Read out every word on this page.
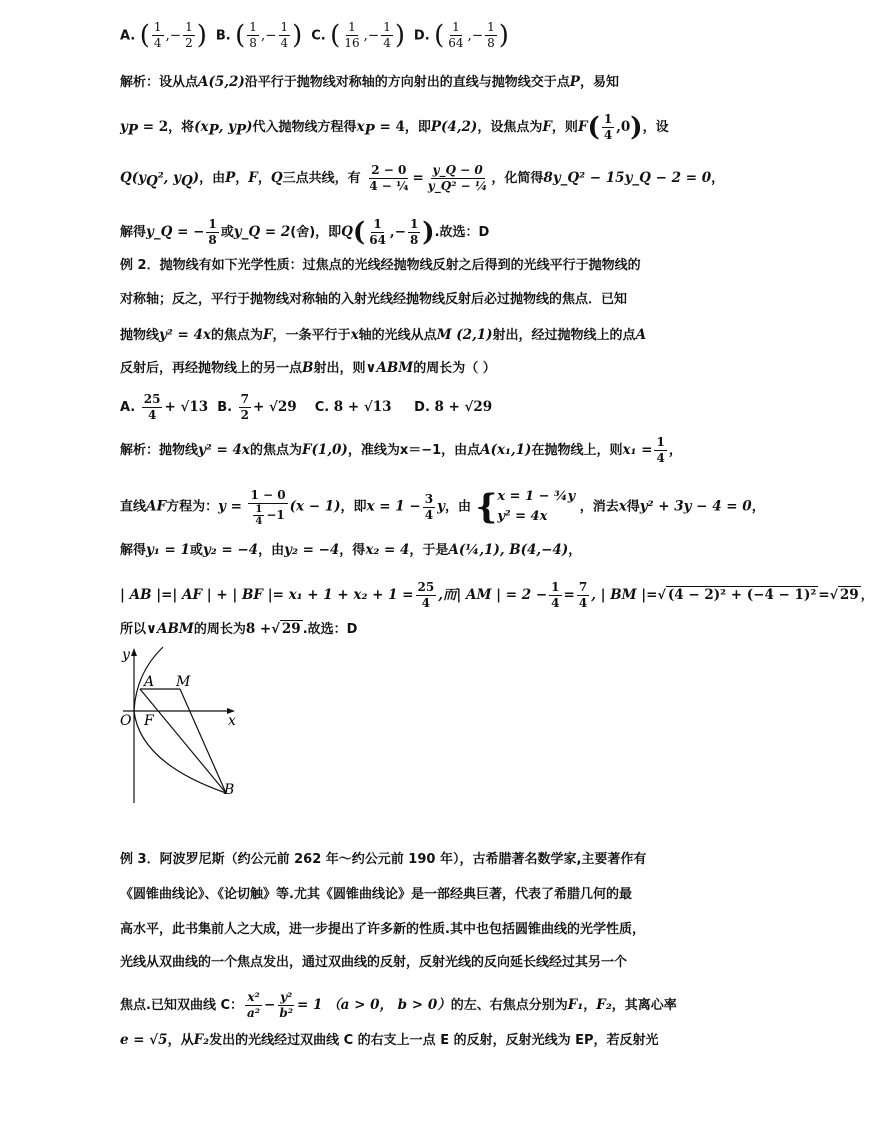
A. ( $\frac{1}{4}$ ,− $\frac{1}{2}$ ) B. ( $\frac{1}{8}$ ,− $\frac{1}{4}$ ) C. ( $\frac{1}{16}$ ,− $\frac{1}{4}$ ) D. ( $\frac{1}{64}$ ,− $\frac{1}{8}$ )
解析：设从点A(5,2)沿平行于抛物线对称轴的方向射出的直线与抛物线交于点P，易知
$y_P = 2$，将($x_P$, $y_P$)代入抛物线方程得$x_P = 4$，即P(4,2)，设焦点为F，则$F( \frac{1}{4} ,0)$，设
$Q(y_Q^2$, $y_Q$)，由P，F，Q三点共线，有 $\frac{2 - 0}{\text{4 − ¼}} = \frac{y\_Q - 0}{\text{y\_Q² − ¼}}$ ，化简得8y_Q² − 15y_Q − 2 = 0，
解得y_Q = − $\frac{1}{8}$ 或y_Q = 2(舍)，即$Q( \frac{1}{64}$ ,− $\frac{1}{8}$ ).故选：D
例 2．抛物线有如下光学性质：过焦点的光线经抛物线反射之后得到的光线平行于抛物线的
对称轴；反之，平行于抛物线对称轴的入射光线经抛物线反射后必过抛物线的焦点．已知
抛物线y² = 4x的焦点为F，一条平行于x轴的光线从点M (2,1)射出，经过抛物线上的点A
反射后，再经抛物线上的另一点B射出，则∨ABM的周长为（ ）
A. $\frac{25}{4} + √13$ B. $\frac{7}{2} + √29$ C. 8 + √13 D. 8 + √29
解析：抛物线y² = 4x的焦点为F(1,0)，准线为x＝−1，由点A(x₁,1)在抛物线上，则$x_1 = \frac{1}{4}$ ，
直线AF方程为：$y = \frac{1 - 0}{\frac{1}{4} -1} (x - 1)$，即$x = 1 - \frac{3}{4}$ y，由 { x = 1 − ¾y
y² = 4x
，消去x得y² + 3y − 4 = 0，
解得y₁ = 1或y₂ = −4，由y₂ = −4，得x₂ = 4，于是A(¼,1), B(4,−4)，
| AB |=| AF | + | BF |= $x_1 + 1 + x_2 + 1 = \frac{25}{4}$ ,而| AM | = $2 - \frac{1}{4} = \frac{7}{4}$ , | BM |=√ (4 − 2)² + (−4 − 1)² =√ 29 ，
所以∨ABM的周长为8 +√ 29 .故选：D
y
x
O F
A M
B
例 3．阿波罗尼斯（约公元前 262 年～约公元前 190 年），古希腊著名数学家,主要著作有
《圆锥曲线论》、《论切触》等.尤其《圆锥曲线论》是一部经典巨著，代表了希腊几何的最
高水平，此书集前人之大成，进一步提出了许多新的性质.其中也包括圆锥曲线的光学性质，
光线从双曲线的一个焦点发出，通过双曲线的反射，反射光线的反向延长线经过其另一个
焦点.已知双曲线 C： $\frac{\text{x²}}{\text{a²}} - \frac{\text{y²}}{\text{b²}} = 1$ （a > 0， b > 0）的左、右焦点分别为F₁，F₂，其离心率
e = √5，从F₂发出的光线经过双曲线 C 的右支上一点 E 的反射，反射光线为 EP，若反射光
